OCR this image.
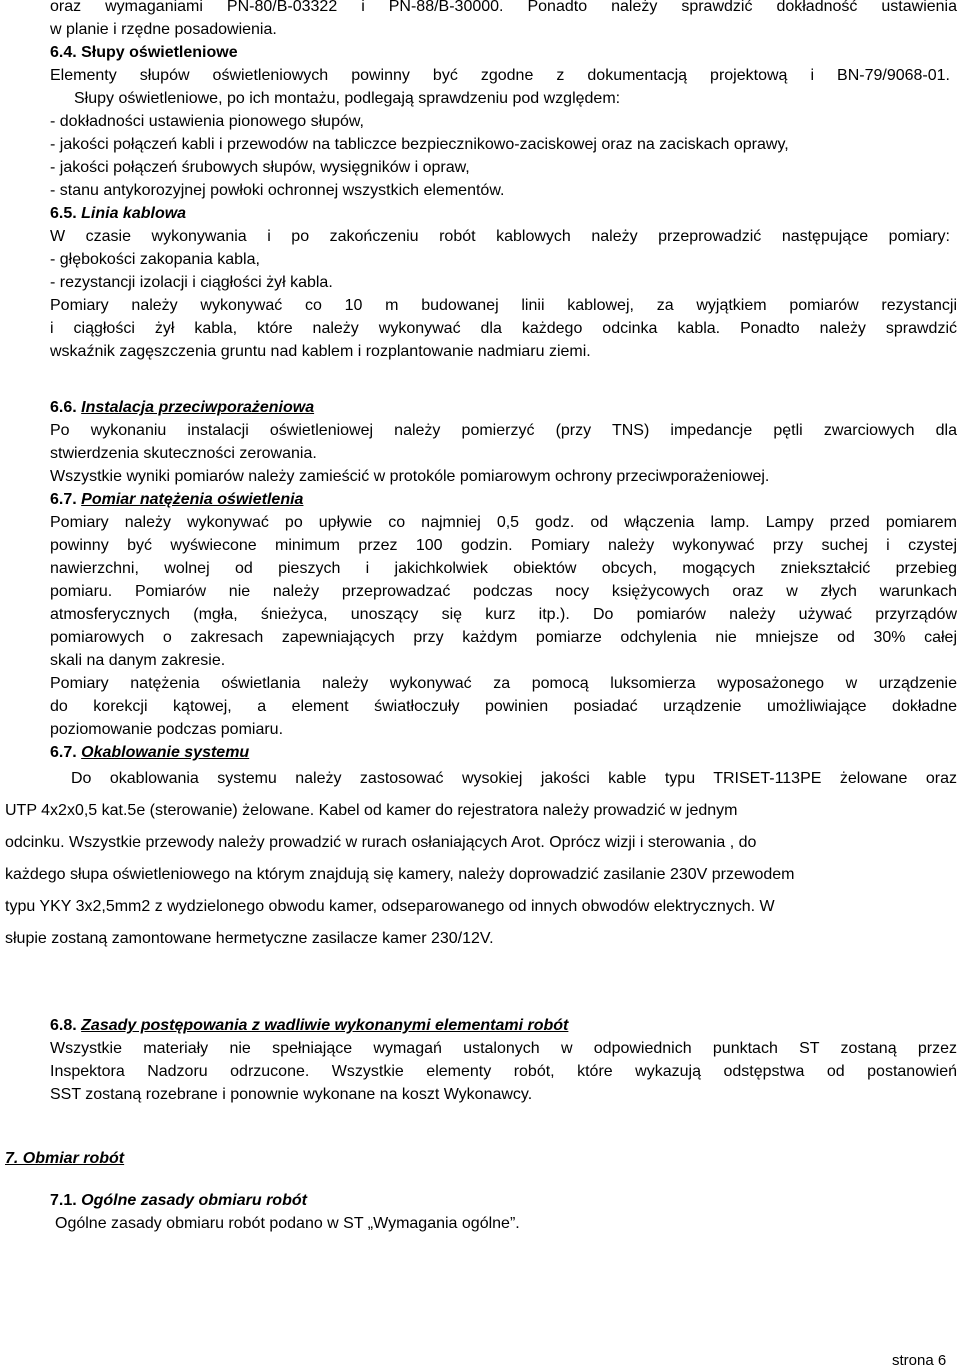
oraz wymaganiami PN-80/B-03322 i PN-88/B-30000. Ponadto należy sprawdzić dokładność ustawienia
w planie i rzędne posadowienia.
6.4. Słupy oświetleniowe
Elementy słupów oświetleniowych powinny być zgodne z dokumentacją projektową i BN-79/9068-01.
Słupy oświetleniowe, po ich montażu, podlegają sprawdzeniu pod względem:
- dokładności ustawienia pionowego słupów,
- jakości połączeń kabli i przewodów na tabliczce bezpiecznikowo-zaciskowej oraz na zaciskach oprawy,
- jakości połączeń śrubowych słupów, wysięgników i opraw,
- stanu antykorozyjnej powłoki ochronnej wszystkich elementów.
6.5. Linia kablowa
W czasie wykonywania i po zakończeniu robót kablowych należy przeprowadzić następujące pomiary:
- głębokości zakopania kabla,
- rezystancji izolacji i ciągłości żył kabla.
Pomiary należy wykonywać co 10 m budowanej linii kablowej, za wyjątkiem pomiarów rezystancji
i ciągłości żył kabla, które należy wykonywać dla każdego odcinka kabla. Ponadto należy sprawdzić
wskaźnik zagęszczenia gruntu nad kablem i rozplantowanie nadmiaru ziemi.
6.6. Instalacja przeciwporażeniowa
Po wykonaniu instalacji oświetleniowej należy pomierzyć (przy TNS) impedancje pętli zwarciowych dla
stwierdzenia skuteczności zerowania.
Wszystkie wyniki pomiarów należy zamieścić w protokóle pomiarowym ochrony przeciwporażeniowej.
6.7. Pomiar natężenia oświetlenia
Pomiary należy wykonywać po upływie co najmniej 0,5 godz. od włączenia lamp. Lampy przed pomiarem
powinny być wyświecone minimum przez 100 godzin. Pomiary należy wykonywać przy suchej i czystej
nawierzchni, wolnej od pieszych i jakichkolwiek obiektów obcych, mogących zniekształcić przebieg
pomiaru. Pomiarów nie należy przeprowadzać podczas nocy księżycowych oraz w złych warunkach
atmosferycznych (mgła, śnieżyca, unoszący się kurz itp.). Do pomiarów należy używać przyrządów
pomiarowych o zakresach zapewniających przy każdym pomiarze odchylenia nie mniejsze od 30% całej
skali na danym zakresie.
Pomiary natężenia oświetlania należy wykonywać za pomocą luksomierza wyposażonego w urządzenie
do korekcji kątowej, a element światłoczuły powinien posiadać urządzenie umożliwiające dokładne
poziomowanie podczas pomiaru.
6.7. Okablowanie systemu
Do okablowania systemu należy zastosować wysokiej jakości kable typu TRISET-113PE żelowane oraz
UTP 4x2x0,5 kat.5e (sterowanie) żelowane. Kabel od kamer do rejestratora należy prowadzić w jednym
odcinku. Wszystkie przewody należy prowadzić w rurach osłaniających Arot. Oprócz wizji i sterowania , do
każdego słupa oświetleniowego na którym znajdują się kamery, należy doprowadzić zasilanie 230V przewodem
typu YKY 3x2,5mm2 z wydzielonego obwodu kamer, odseparowanego od innych obwodów elektrycznych. W
słupie zostaną zamontowane hermetyczne zasilacze kamer 230/12V.
6.8. Zasady postępowania z wadliwie wykonanymi elementami robót
Wszystkie materiały nie spełniające wymagań ustalonych w odpowiednich punktach ST zostaną przez
Inspektora Nadzoru odrzucone. Wszystkie elementy robót, które wykazują odstępstwa od postanowień
SST zostaną rozebrane i ponownie wykonane na koszt Wykonawcy.
7. Obmiar robót
7.1. Ogólne zasady obmiaru robót
Ogólne zasady obmiaru robót podano w ST „Wymagania ogólne”.
strona 6
